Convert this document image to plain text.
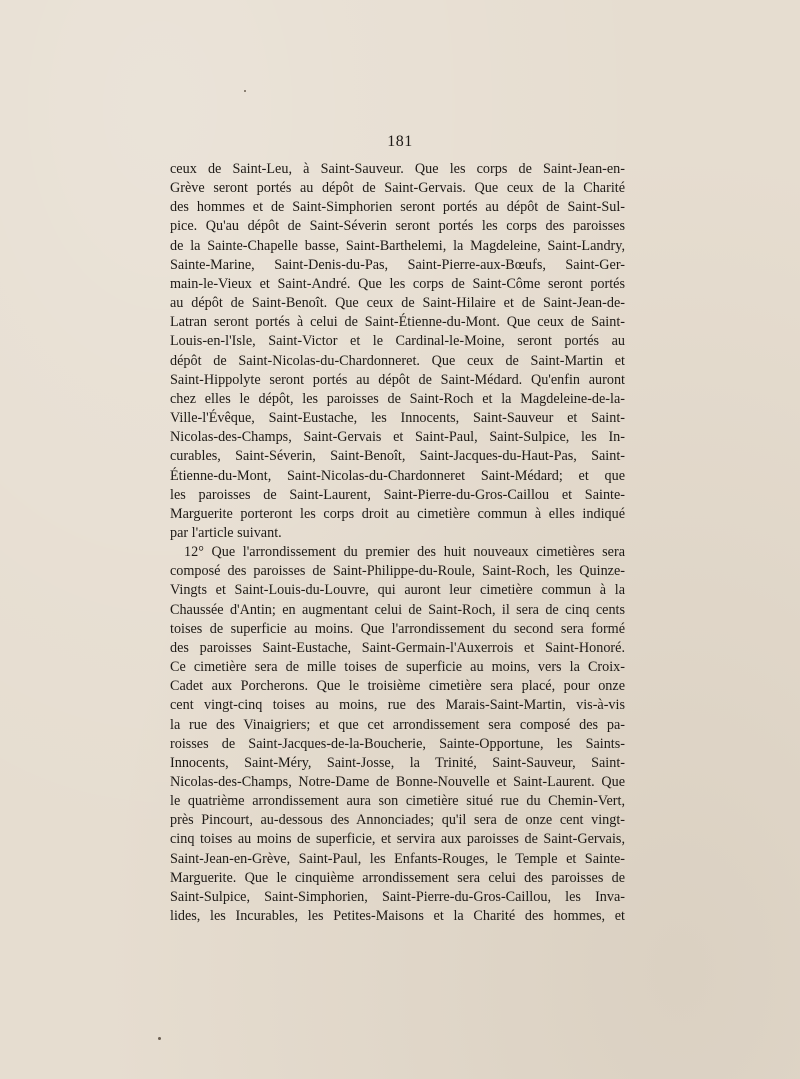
181
ceux de Saint-Leu, à Saint-Sauveur. Que les corps de Saint-Jean-en-
Grève seront portés au dépôt de Saint-Gervais. Que ceux de la Charité
des hommes et de Saint-Simphorien seront portés au dépôt de Saint-Sul-
pice. Qu'au dépôt de Saint-Séverin seront portés les corps des paroisses
de la Sainte-Chapelle basse, Saint-Barthelemi, la Magdeleine, Saint-Landry,
Sainte-Marine, Saint-Denis-du-Pas, Saint-Pierre-aux-Bœufs, Saint-Ger-
main-le-Vieux et Saint-André. Que les corps de Saint-Côme seront portés
au dépôt de Saint-Benoît. Que ceux de Saint-Hilaire et de Saint-Jean-de-
Latran seront portés à celui de Saint-Étienne-du-Mont. Que ceux de Saint-
Louis-en-l'Isle, Saint-Victor et le Cardinal-le-Moine, seront portés au
dépôt de Saint-Nicolas-du-Chardonneret. Que ceux de Saint-Martin et
Saint-Hippolyte seront portés au dépôt de Saint-Médard. Qu'enfin auront
chez elles le dépôt, les paroisses de Saint-Roch et la Magdeleine-de-la-
Ville-l'Évêque, Saint-Eustache, les Innocents, Saint-Sauveur et Saint-
Nicolas-des-Champs, Saint-Gervais et Saint-Paul, Saint-Sulpice, les In-
curables, Saint-Séverin, Saint-Benoît, Saint-Jacques-du-Haut-Pas, Saint-
Étienne-du-Mont, Saint-Nicolas-du-Chardonneret Saint-Médard; et que
les paroisses de Saint-Laurent, Saint-Pierre-du-Gros-Caillou et Sainte-
Marguerite porteront les corps droit au cimetière commun à elles indiqué
par l'article suivant.
12° Que l'arrondissement du premier des huit nouveaux cimetières sera
composé des paroisses de Saint-Philippe-du-Roule, Saint-Roch, les Quinze-
Vingts et Saint-Louis-du-Louvre, qui auront leur cimetière commun à la
Chaussée d'Antin; en augmentant celui de Saint-Roch, il sera de cinq cents
toises de superficie au moins. Que l'arrondissement du second sera formé
des paroisses Saint-Eustache, Saint-Germain-l'Auxerrois et Saint-Honoré.
Ce cimetière sera de mille toises de superficie au moins, vers la Croix-
Cadet aux Porcherons. Que le troisième cimetière sera placé, pour onze
cent vingt-cinq toises au moins, rue des Marais-Saint-Martin, vis-à-vis
la rue des Vinaigriers; et que cet arrondissement sera composé des pa-
roisses de Saint-Jacques-de-la-Boucherie, Sainte-Opportune, les Saints-
Innocents, Saint-Méry, Saint-Josse, la Trinité, Saint-Sauveur, Saint-
Nicolas-des-Champs, Notre-Dame de Bonne-Nouvelle et Saint-Laurent. Que
le quatrième arrondissement aura son cimetière situé rue du Chemin-Vert,
près Pincourt, au-dessous des Annonciades; qu'il sera de onze cent vingt-
cinq toises au moins de superficie, et servira aux paroisses de Saint-Gervais,
Saint-Jean-en-Grève, Saint-Paul, les Enfants-Rouges, le Temple et Sainte-
Marguerite. Que le cinquième arrondissement sera celui des paroisses de
Saint-Sulpice, Saint-Simphorien, Saint-Pierre-du-Gros-Caillou, les Inva-
lides, les Incurables, les Petites-Maisons et la Charité des hommes, et
